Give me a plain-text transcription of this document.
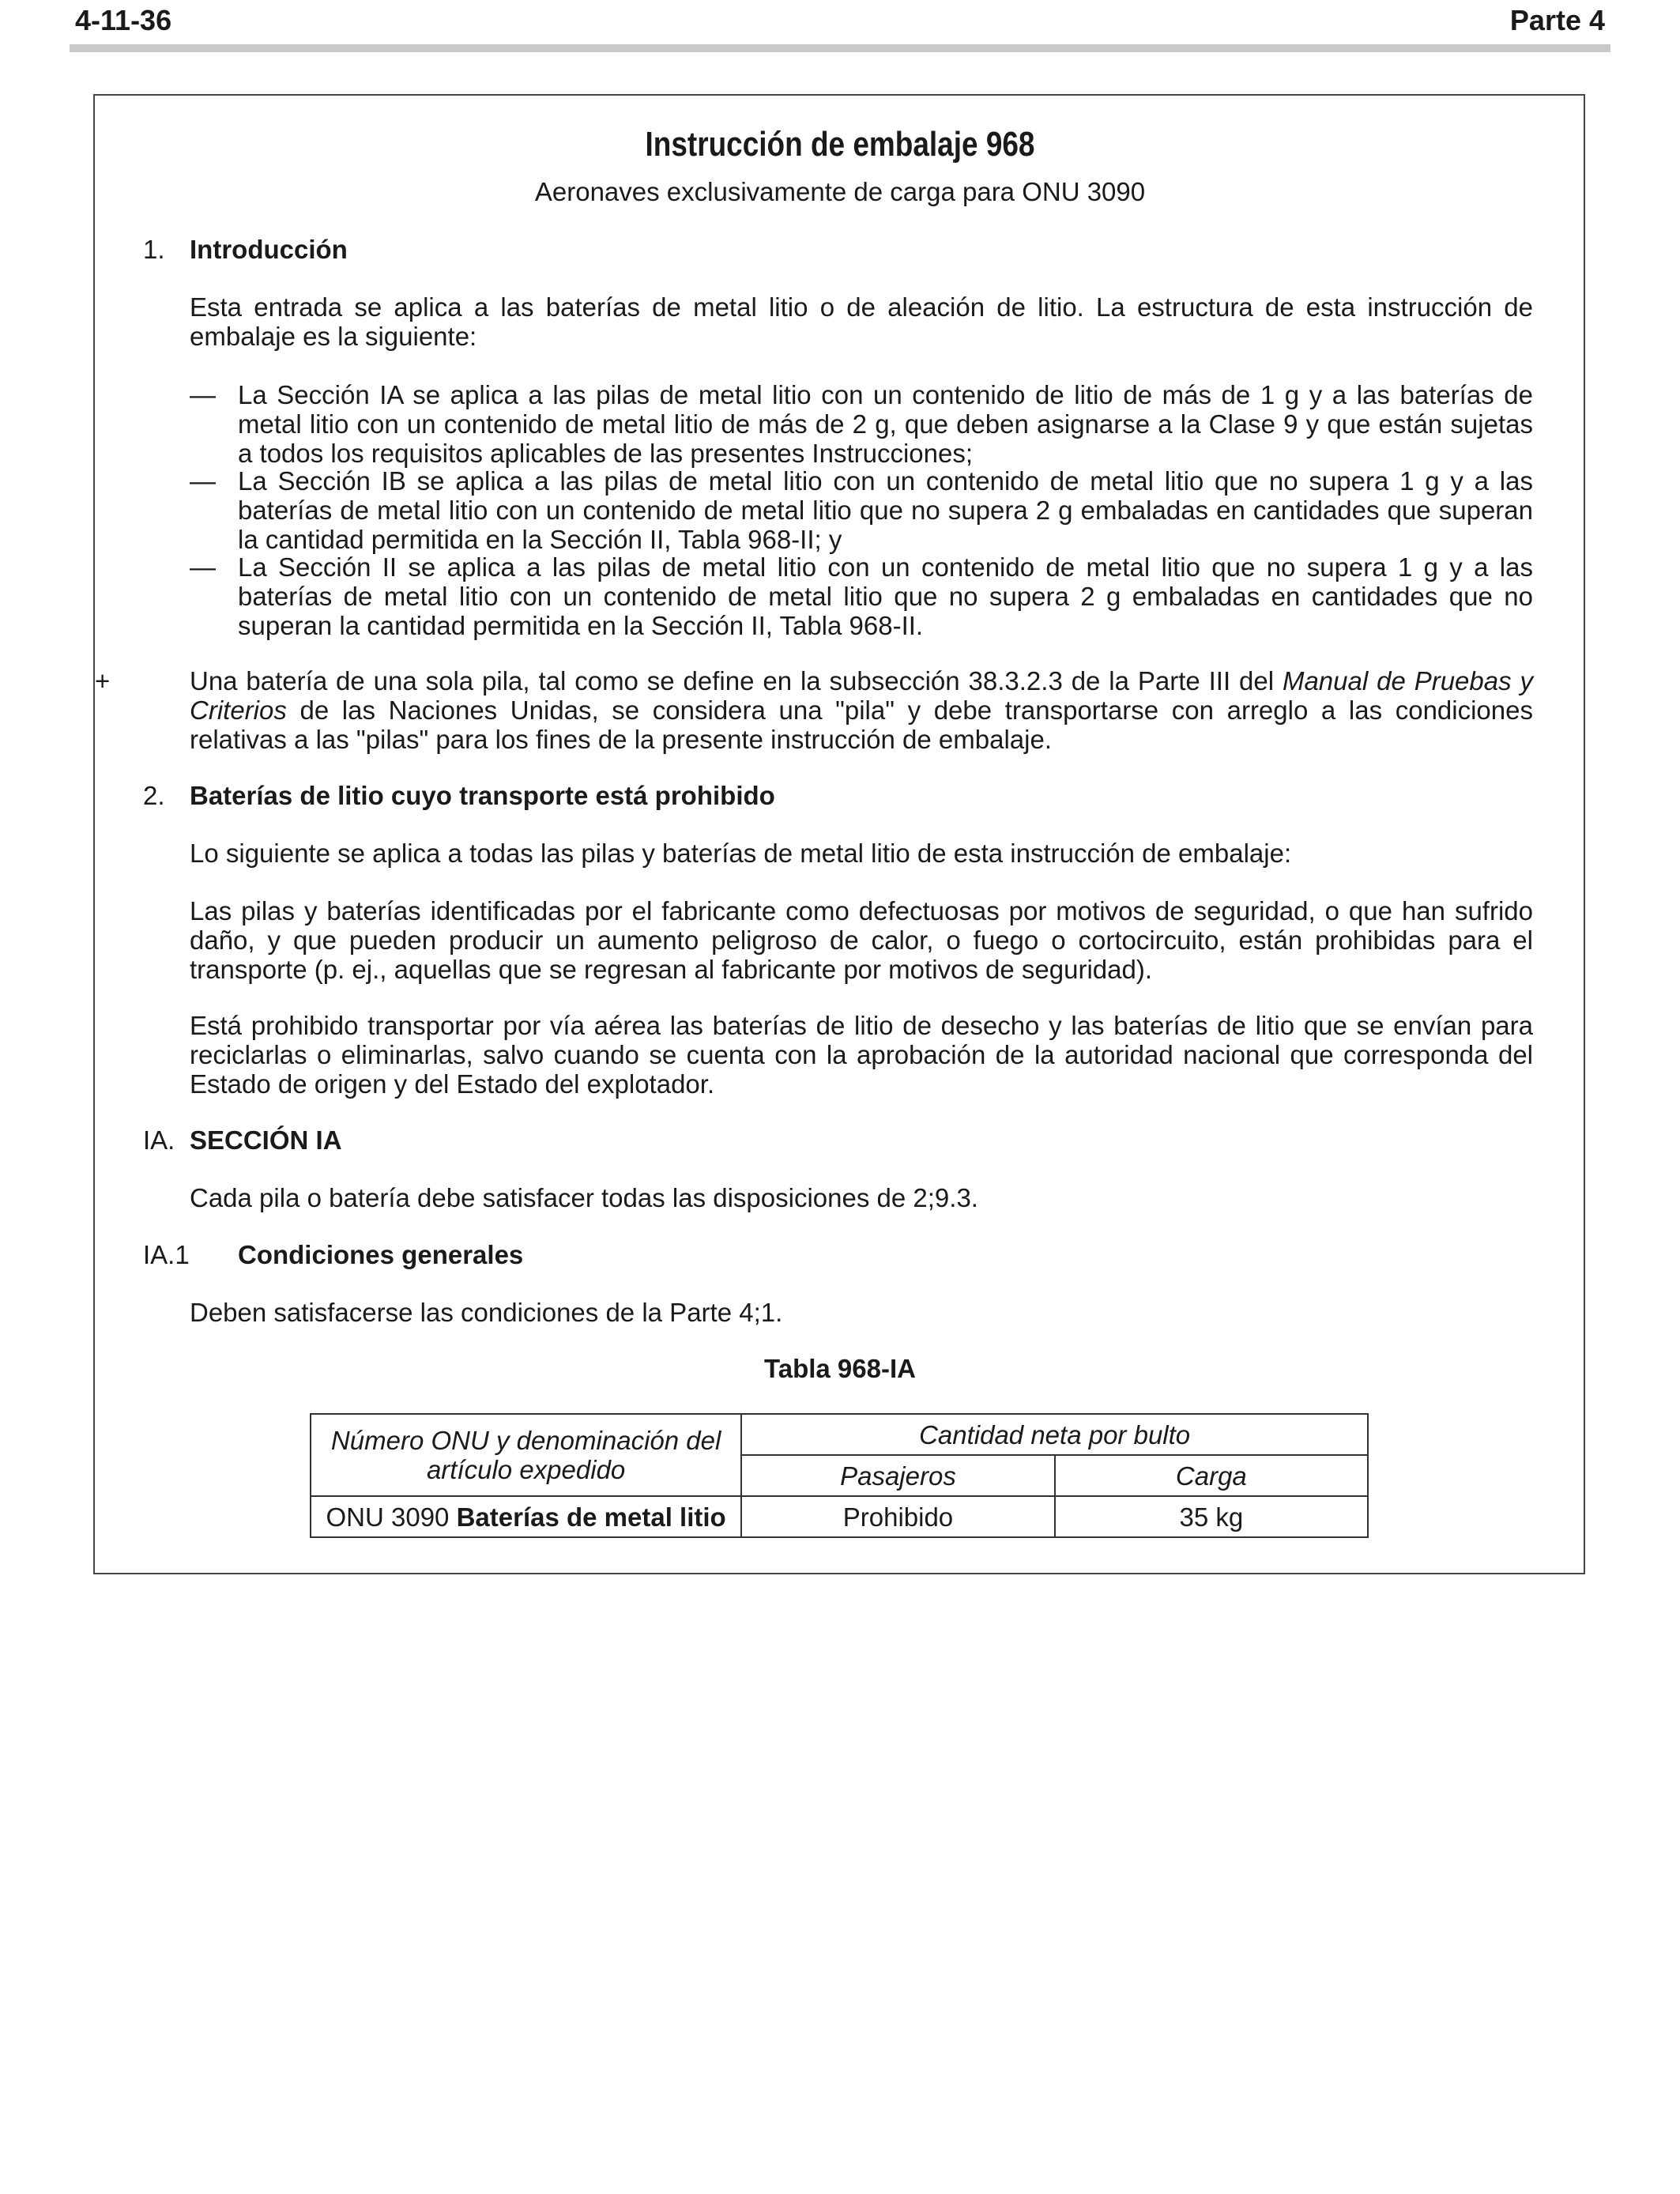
4-11-36	Parte 4
Instrucción de embalaje 968
Aeronaves exclusivamente de carga para ONU 3090
1. Introducción
Esta entrada se aplica a las baterías de metal litio o de aleación de litio. La estructura de esta instrucción de embalaje es la siguiente:
— La Sección IA se aplica a las pilas de metal litio con un contenido de litio de más de 1 g y a las baterías de metal litio con un contenido de metal litio de más de 2 g, que deben asignarse a la Clase 9 y que están sujetas a todos los requisitos aplicables de las presentes Instrucciones;
— La Sección IB se aplica a las pilas de metal litio con un contenido de metal litio que no supera 1 g y a las baterías de metal litio con un contenido de metal litio que no supera 2 g embaladas en cantidades que superan la cantidad permitida en la Sección II, Tabla 968-II; y
— La Sección II se aplica a las pilas de metal litio con un contenido de metal litio que no supera 1 g y a las baterías de metal litio con un contenido de metal litio que no supera 2 g embaladas en cantidades que no superan la cantidad permitida en la Sección II, Tabla 968-II.
+	Una batería de una sola pila, tal como se define en la subsección 38.3.2.3 de la Parte III del Manual de Pruebas y Criterios de las Naciones Unidas, se considera una "pila" y debe transportarse con arreglo a las condiciones relativas a las "pilas" para los fines de la presente instrucción de embalaje.
2. Baterías de litio cuyo transporte está prohibido
Lo siguiente se aplica a todas las pilas y baterías de metal litio de esta instrucción de embalaje:
Las pilas y baterías identificadas por el fabricante como defectuosas por motivos de seguridad, o que han sufrido daño, y que pueden producir un aumento peligroso de calor, o fuego o cortocircuito, están prohibidas para el transporte (p. ej., aquellas que se regresan al fabricante por motivos de seguridad).
Está prohibido transportar por vía aérea las baterías de litio de desecho y las baterías de litio que se envían para reciclarlas o eliminarlas, salvo cuando se cuenta con la aprobación de la autoridad nacional que corresponda del Estado de origen y del Estado del explotador.
IA. SECCIÓN IA
Cada pila o batería debe satisfacer todas las disposiciones de 2;9.3.
IA.1 Condiciones generales
Deben satisfacerse las condiciones de la Parte 4;1.
Tabla 968-IA
Número ONU y denominación del artículo expedido	Cantidad neta por bulto	
	Pasajeros	Carga
ONU 3090 Baterías de metal litio	Prohibido	35 kg
